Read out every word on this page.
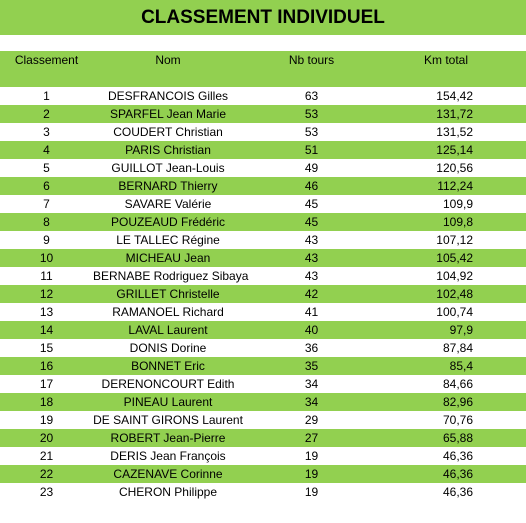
CLASSEMENT INDIVIDUEL
Classement	Nom	Nb tours	Km total
1	DESFRANCOIS Gilles	63	154,42
2	SPARFEL Jean Marie	53	131,72
3	COUDERT Christian	53	131,52
4	PARIS Christian	51	125,14
5	GUILLOT Jean-Louis	49	120,56
6	BERNARD Thierry	46	112,24
7	SAVARE Valérie	45	109,9
8	POUZEAUD Frédéric	45	109,8
9	LE TALLEC Régine	43	107,12
10	MICHEAU Jean	43	105,42
11	BERNABE Rodriguez Sibaya	43	104,92
12	GRILLET Christelle	42	102,48
13	RAMANOEL Richard	41	100,74
14	LAVAL Laurent	40	97,9
15	DONIS Dorine	36	87,84
16	BONNET Eric	35	85,4
17	DERENONCOURT Edith	34	84,66
18	PINEAU Laurent	34	82,96
19	DE SAINT GIRONS Laurent	29	70,76
20	ROBERT Jean-Pierre	27	65,88
21	DERIS Jean François	19	46,36
22	CAZENAVE Corinne	19	46,36
23	CHERON Philippe	19	46,36
